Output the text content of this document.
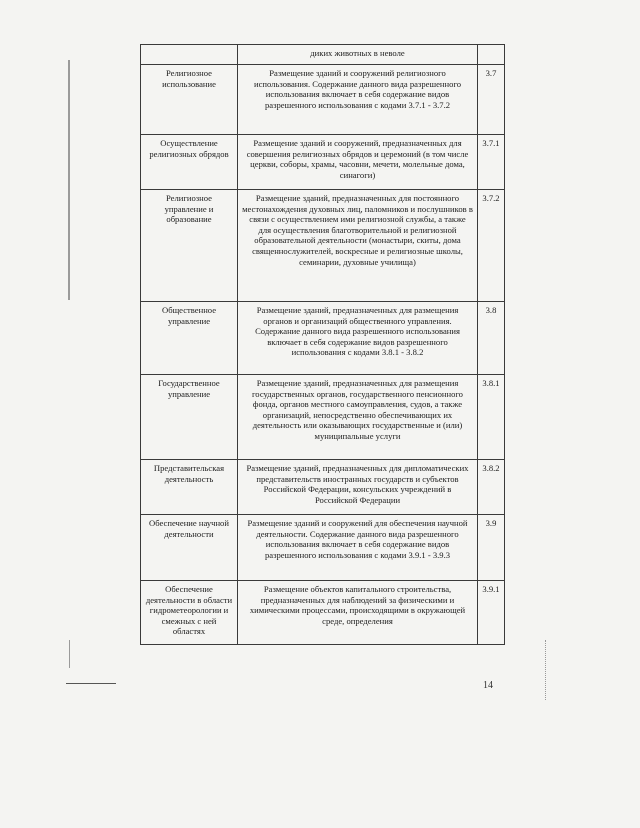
	диких животных в неволе	
Религиозное использование	Размещение зданий и сооружений религиозного использования. Содержание данного вида разрешенного использования включает в себя содержание видов разрешенного использования с кодами 3.7.1 - 3.7.2	3.7
Осуществление религиозных обрядов	Размещение зданий и сооружений, предназначенных для совершения религиозных обрядов и церемоний (в том числе церкви, соборы, храмы, часовни, мечети, молельные дома, синагоги)	3.7.1
Религиозное управление и образование	Размещение зданий, предназначенных для постоянного местонахождения духовных лиц, паломников и послушников в связи с осуществлением ими религиозной службы, а также для осуществления благотворительной и религиозной образовательной деятельности (монастыри, скиты, дома священнослужителей, воскресные и религиозные школы, семинарии, духовные училища)	3.7.2
Общественное управление	Размещение зданий, предназначенных для размещения органов и организаций общественного управления. Содержание данного вида разрешенного использования включает в себя содержание видов разрешенного использования с кодами 3.8.1 - 3.8.2	3.8
Государственное управление	Размещение зданий, предназначенных для размещения государственных органов, государственного пенсионного фонда, органов местного самоуправления, судов, а также организаций, непосредственно обеспечивающих их деятельность или оказывающих государственные и (или) муниципальные услуги	3.8.1
Представительская деятельность	Размещение зданий, предназначенных для дипломатических представительств иностранных государств и субъектов Российской Федерации, консульских учреждений в Российской Федерации	3.8.2
Обеспечение научной деятельности	Размещение зданий и сооружений для обеспечения научной деятельности. Содержание данного вида разрешенного использования включает в себя содержание видов разрешенного использования с кодами 3.9.1 - 3.9.3	3.9
Обеспечение деятельности в области гидрометеорологии и смежных с ней областях	Размещение объектов капитального строительства, предназначенных для наблюдений за физическими и химическими процессами, происходящими в окружающей среде, определения	3.9.1
14
